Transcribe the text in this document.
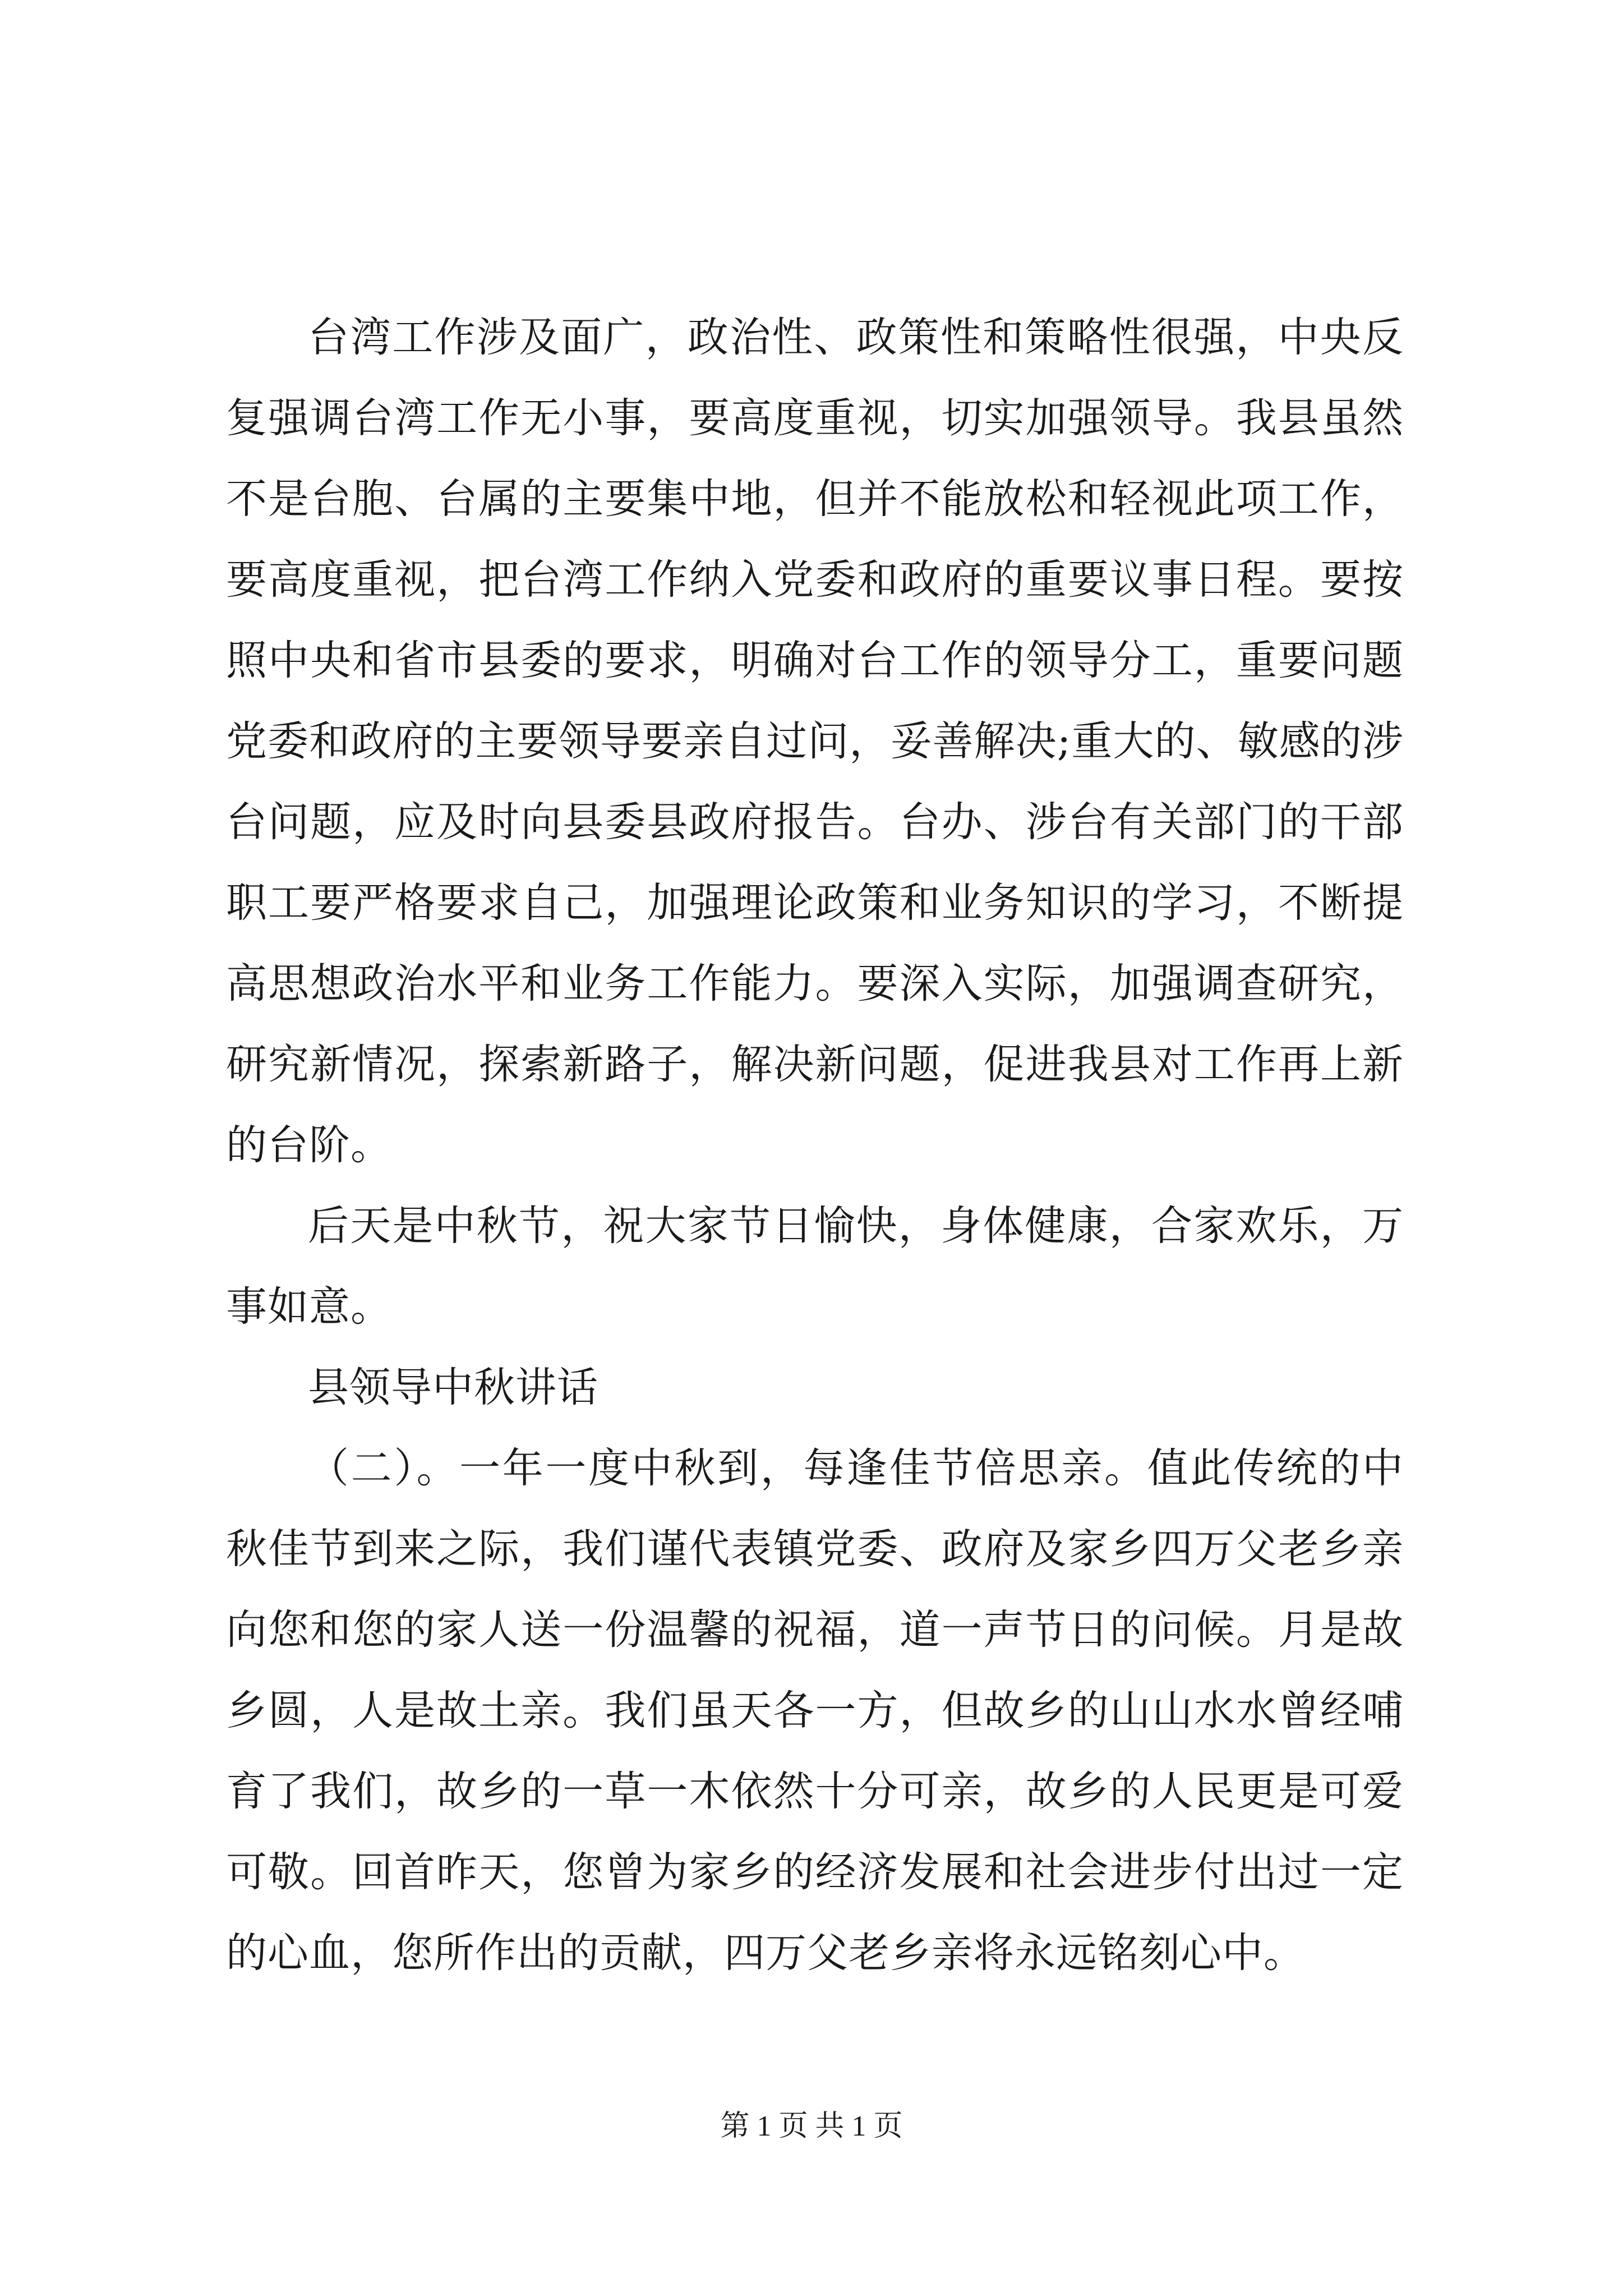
台湾工作涉及面广，政治性、政策性和策略性很强，中央反复强调台湾工作无小事，要高度重视，切实加强领导。我县虽然不是台胞、台属的主要集中地，但并不能放松和轻视此项工作，要高度重视，把台湾工作纳入党委和政府的重要议事日程。要按照中央和省市县委的要求，明确对台工作的领导分工，重要问题党委和政府的主要领导要亲自过问，妥善解决;重大的、敏感的涉台问题，应及时向县委县政府报告。台办、涉台有关部门的干部职工要严格要求自己，加强理论政策和业务知识的学习，不断提高思想政治水平和业务工作能力。要深入实际，加强调查研究，研究新情况，探索新路子，解决新问题，促进我县对工作再上新的台阶。

后天是中秋节，祝大家节日愉快，身体健康，合家欢乐，万事如意。

县领导中秋讲话

（二）。一年一度中秋到，每逢佳节倍思亲。值此传统的中秋佳节到来之际，我们谨代表镇党委、政府及家乡四万父老乡亲向您和您的家人送一份温馨的祝福，道一声节日的问候。月是故乡圆，人是故土亲。我们虽天各一方，但故乡的山山水水曾经哺育了我们，故乡的一草一木依然十分可亲，故乡的人民更是可爱可敬。回首昨天，您曾为家乡的经济发展和社会进步付出过一定的心血，您所作出的贡献，四万父老乡亲将永远铭刻心中。

第 1 页 共 1 页
